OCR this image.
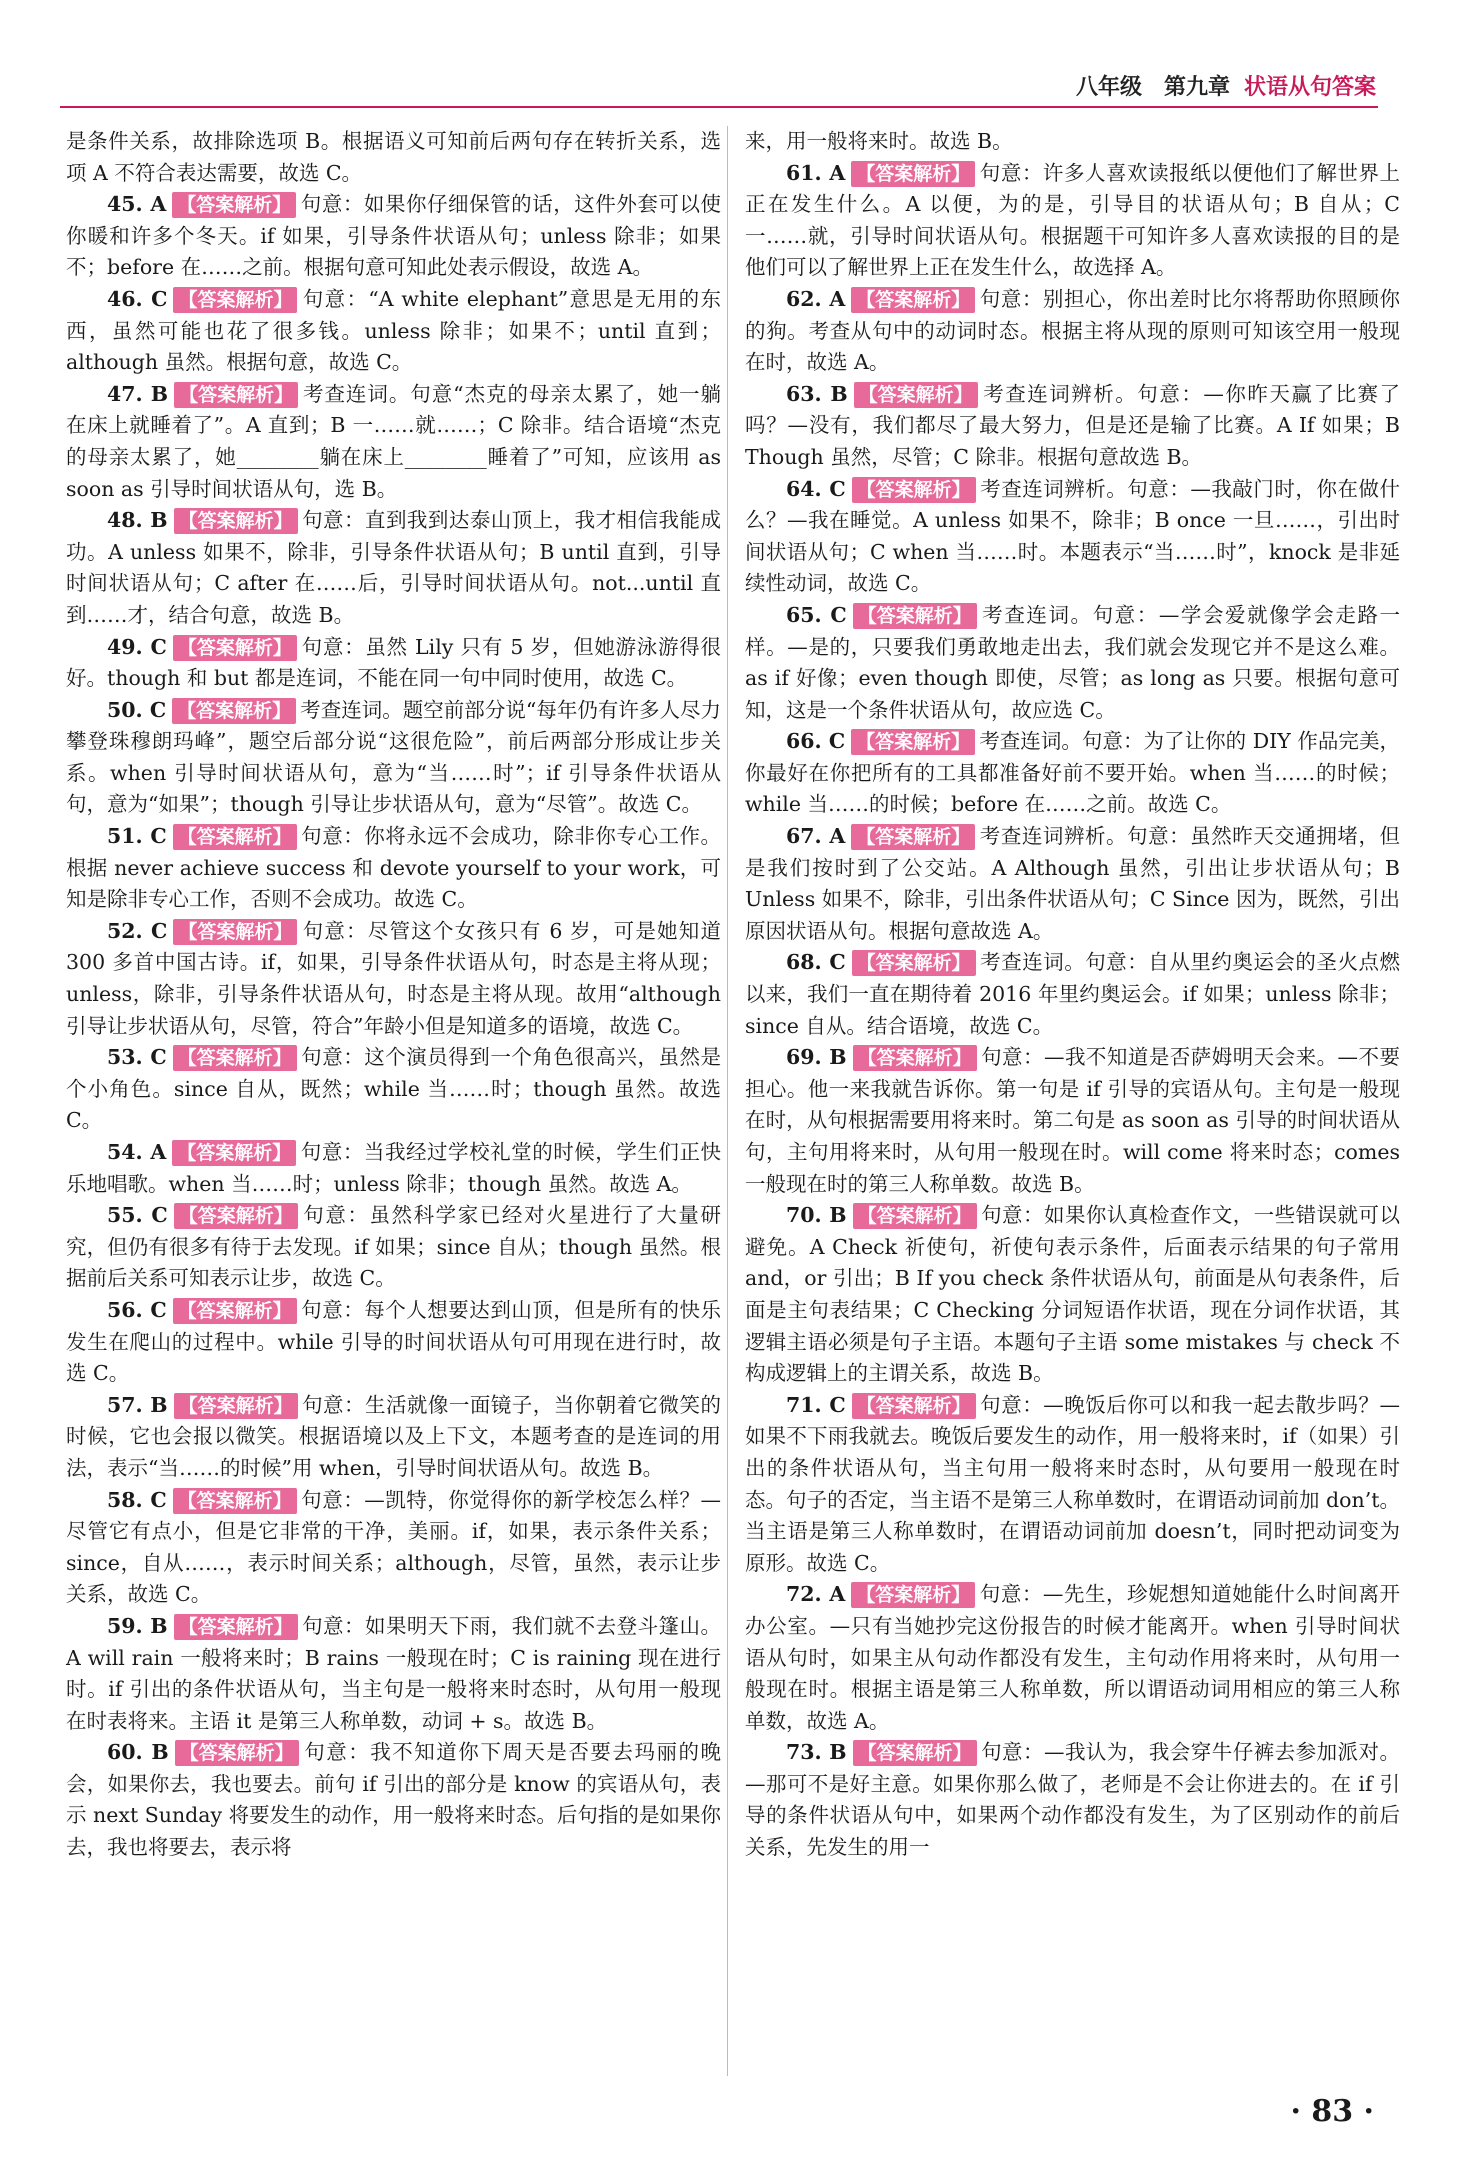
八年级　第九章 状语从句答案

是条件关系，故排除选项 B。根据语义可知前后两句存在转折关系，选项 A 不符合表达需要，故选 C。

45. A 【答案解析】 句意：如果你仔细保管的话，这件外套可以使你暖和许多个冬天。if 如果，引导条件状语从句；unless 除非；如果不；before 在……之前。根据句意可知此处表示假设，故选 A。

46. C 【答案解析】 句意：“A white elephant”意思是无用的东西，虽然可能也花了很多钱。unless 除非；如果不；until 直到；although 虽然。根据句意，故选 C。

47. B 【答案解析】 考查连词。句意“杰克的母亲太累了，她一躺在床上就睡着了”。A 直到；B 一……就……；C 除非。结合语境“杰克的母亲太累了，她________躺在床上________睡着了”可知，应该用 as soon as 引导时间状语从句，选 B。

48. B 【答案解析】 句意：直到我到达泰山顶上，我才相信我能成功。A unless 如果不，除非，引导条件状语从句；B until 直到，引导时间状语从句；C after 在……后，引导时间状语从句。not...until 直到……才，结合句意，故选 B。

49. C 【答案解析】 句意：虽然 Lily 只有 5 岁，但她游泳游得很好。though 和 but 都是连词，不能在同一句中同时使用，故选 C。

50. C 【答案解析】 考查连词。题空前部分说“每年仍有许多人尽力攀登珠穆朗玛峰”，题空后部分说“这很危险”，前后两部分形成让步关系。when 引导时间状语从句，意为“当……时”；if 引导条件状语从句，意为“如果”；though 引导让步状语从句，意为“尽管”。故选 C。

51. C 【答案解析】 句意：你将永远不会成功，除非你专心工作。根据 never achieve success 和 devote yourself to your work，可知是除非专心工作，否则不会成功。故选 C。

52. C 【答案解析】 句意：尽管这个女孩只有 6 岁，可是她知道 300 多首中国古诗。if，如果，引导条件状语从句，时态是主将从现；unless，除非，引导条件状语从句，时态是主将从现。故用“although 引导让步状语从句，尽管，符合”年龄小但是知道多的语境，故选 C。

53. C 【答案解析】 句意：这个演员得到一个角色很高兴，虽然是个小角色。since 自从，既然；while 当……时；though 虽然。故选 C。

54. A 【答案解析】 句意：当我经过学校礼堂的时候，学生们正快乐地唱歌。when 当……时；unless 除非；though 虽然。故选 A。

55. C 【答案解析】 句意：虽然科学家已经对火星进行了大量研究，但仍有很多有待于去发现。if 如果；since 自从；though 虽然。根据前后关系可知表示让步，故选 C。

56. C 【答案解析】 句意：每个人想要达到山顶，但是所有的快乐发生在爬山的过程中。while 引导的时间状语从句可用现在进行时，故选 C。

57. B 【答案解析】 句意：生活就像一面镜子，当你朝着它微笑的时候，它也会报以微笑。根据语境以及上下文，本题考查的是连词的用法，表示“当……的时候”用 when，引导时间状语从句。故选 B。

58. C 【答案解析】 句意：—凯特，你觉得你的新学校怎么样？—尽管它有点小，但是它非常的干净，美丽。if，如果，表示条件关系；since，自从……，表示时间关系；although，尽管，虽然，表示让步关系，故选 C。

59. B 【答案解析】 句意：如果明天下雨，我们就不去登斗篷山。A will rain 一般将来时；B rains 一般现在时；C is raining 现在进行时。if 引出的条件状语从句，当主句是一般将来时态时，从句用一般现在时表将来。主语 it 是第三人称单数，动词 + s。故选 B。

60. B 【答案解析】 句意：我不知道你下周天是否要去玛丽的晚会，如果你去，我也要去。前句 if 引出的部分是 know 的宾语从句，表示 next Sunday 将要发生的动作，用一般将来时态。后句指的是如果你去，我也将要去，表示将

来，用一般将来时。故选 B。

61. A 【答案解析】 句意：许多人喜欢读报纸以便他们了解世界上正在发生什么。A 以便，为的是，引导目的状语从句；B 自从；C 一……就，引导时间状语从句。根据题干可知许多人喜欢读报的目的是他们可以了解世界上正在发生什么，故选择 A。

62. A 【答案解析】 句意：别担心，你出差时比尔将帮助你照顾你的狗。考查从句中的动词时态。根据主将从现的原则可知该空用一般现在时，故选 A。

63. B 【答案解析】 考查连词辨析。句意：—你昨天赢了比赛了吗？—没有，我们都尽了最大努力，但是还是输了比赛。A If 如果；B Though 虽然，尽管；C 除非。根据句意故选 B。

64. C 【答案解析】 考查连词辨析。句意：—我敲门时，你在做什么？—我在睡觉。A unless 如果不，除非；B once 一旦……，引出时间状语从句；C when 当……时。本题表示“当……时”，knock 是非延续性动词，故选 C。

65. C 【答案解析】 考查连词。句意：—学会爱就像学会走路一样。—是的，只要我们勇敢地走出去，我们就会发现它并不是这么难。as if 好像；even though 即使，尽管；as long as 只要。根据句意可知，这是一个条件状语从句，故应选 C。

66. C 【答案解析】 考查连词。句意：为了让你的 DIY 作品完美，你最好在你把所有的工具都准备好前不要开始。when 当……的时候；while 当……的时候；before 在……之前。故选 C。

67. A 【答案解析】 考查连词辨析。句意：虽然昨天交通拥堵，但是我们按时到了公交站。A Although 虽然，引出让步状语从句；B Unless 如果不，除非，引出条件状语从句；C Since 因为，既然，引出原因状语从句。根据句意故选 A。

68. C 【答案解析】 考查连词。句意：自从里约奥运会的圣火点燃以来，我们一直在期待着 2016 年里约奥运会。if 如果；unless 除非；since 自从。结合语境，故选 C。

69. B 【答案解析】 句意：—我不知道是否萨姆明天会来。—不要担心。他一来我就告诉你。第一句是 if 引导的宾语从句。主句是一般现在时，从句根据需要用将来时。第二句是 as soon as 引导的时间状语从句，主句用将来时，从句用一般现在时。will come 将来时态；comes 一般现在时的第三人称单数。故选 B。

70. B 【答案解析】 句意：如果你认真检查作文，一些错误就可以避免。A Check 祈使句，祈使句表示条件，后面表示结果的句子常用 and，or 引出；B If you check 条件状语从句，前面是从句表条件，后面是主句表结果；C Checking 分词短语作状语，现在分词作状语，其逻辑主语必须是句子主语。本题句子主语 some mistakes 与 check 不构成逻辑上的主谓关系，故选 B。

71. C 【答案解析】 句意：—晚饭后你可以和我一起去散步吗？—如果不下雨我就去。晚饭后要发生的动作，用一般将来时，if（如果）引出的条件状语从句，当主句用一般将来时态时，从句要用一般现在时态。句子的否定，当主语不是第三人称单数时，在谓语动词前加 don’t。当主语是第三人称单数时，在谓语动词前加 doesn’t，同时把动词变为原形。故选 C。

72. A 【答案解析】 句意：—先生，珍妮想知道她能什么时间离开办公室。—只有当她抄完这份报告的时候才能离开。when 引导时间状语从句时，如果主从句动作都没有发生，主句动作用将来时，从句用一般现在时。根据主语是第三人称单数，所以谓语动词用相应的第三人称单数，故选 A。

73. B 【答案解析】 句意：—我认为，我会穿牛仔裤去参加派对。—那可不是好主意。如果你那么做了，老师是不会让你进去的。在 if 引导的条件状语从句中，如果两个动作都没有发生，为了区别动作的前后关系，先发生的用一

· 83 ·
